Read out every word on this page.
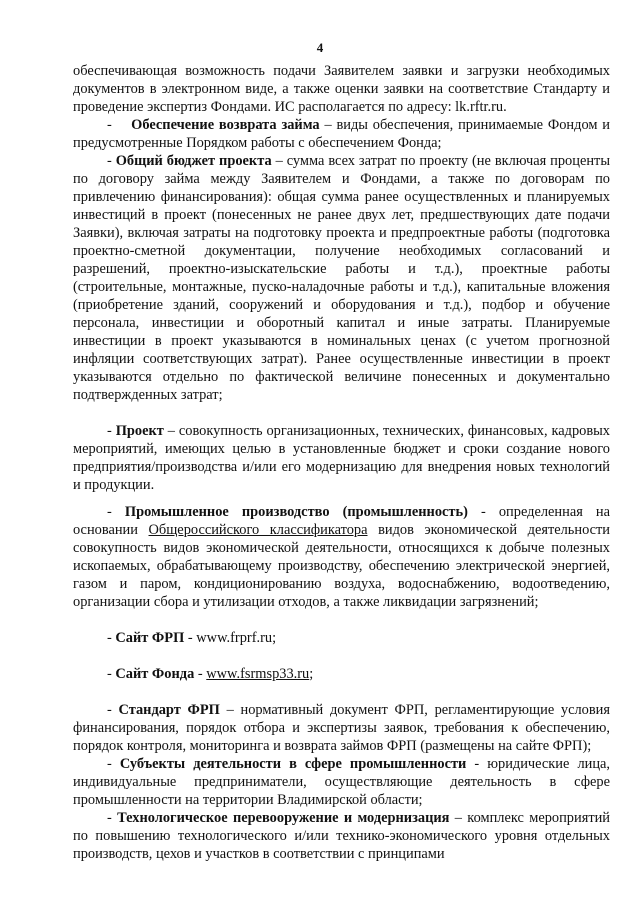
4

обеспечивающая возможность подачи Заявителем заявки и загрузки необходимых документов в электронном виде, а также оценки заявки на соответствие Стандарту и проведение экспертиз Фондами. ИС располагается по адресу: lk.rftr.ru.

- Обеспечение возврата займа – виды обеспечения, принимаемые Фондом и предусмотренные Порядком работы с обеспечением Фонда;

- Общий бюджет проекта – сумма всех затрат по проекту (не включая проценты по договору займа между Заявителем и Фондами, а также по договорам по привлечению финансирования): общая сумма ранее осуществленных и планируемых инвестиций в проект (понесенных не ранее двух лет, предшествующих дате подачи Заявки), включая затраты на подготовку проекта и предпроектные работы (подготовка проектно-сметной документации, получение необходимых согласований и разрешений, проектно-изыскательские работы и т.д.), проектные работы (строительные, монтажные, пуско-наладочные работы и т.д.), капитальные вложения (приобретение зданий, сооружений и оборудования и т.д.), подбор и обучение персонала, инвестиции и оборотный капитал и иные затраты. Планируемые инвестиции в проект указываются в номинальных ценах (с учетом прогнозной инфляции соответствующих затрат). Ранее осуществленные инвестиции в проект указываются отдельно по фактической величине понесенных и документально подтвержденных затрат;

- Проект – совокупность организационных, технических, финансовых, кадровых мероприятий, имеющих целью в установленные бюджет и сроки создание нового предприятия/производства и/или его модернизацию для внедрения новых технологий и продукции.

- Промышленное производство (промышленность) - определенная на основании Общероссийского классификатора видов экономической деятельности совокупность видов экономической деятельности, относящихся к добыче полезных ископаемых, обрабатывающему производству, обеспечению электрической энергией, газом и паром, кондиционированию воздуха, водоснабжению, водоотведению, организации сбора и утилизации отходов, а также ликвидации загрязнений;

- Сайт ФРП - www.frprf.ru;

- Сайт Фонда - www.fsrmsp33.ru;

- Стандарт ФРП – нормативный документ ФРП, регламентирующие условия финансирования, порядок отбора и экспертизы заявок, требования к обеспечению, порядок контроля, мониторинга и возврата займов ФРП (размещены на сайте ФРП);

- Субъекты деятельности в сфере промышленности - юридические лица, индивидуальные предприниматели, осуществляющие деятельность в сфере промышленности на территории Владимирской области;

- Технологическое перевооружение и модернизация – комплекс мероприятий по повышению технологического и/или технико-экономического уровня отдельных производств, цехов и участков в соответствии с принципами
